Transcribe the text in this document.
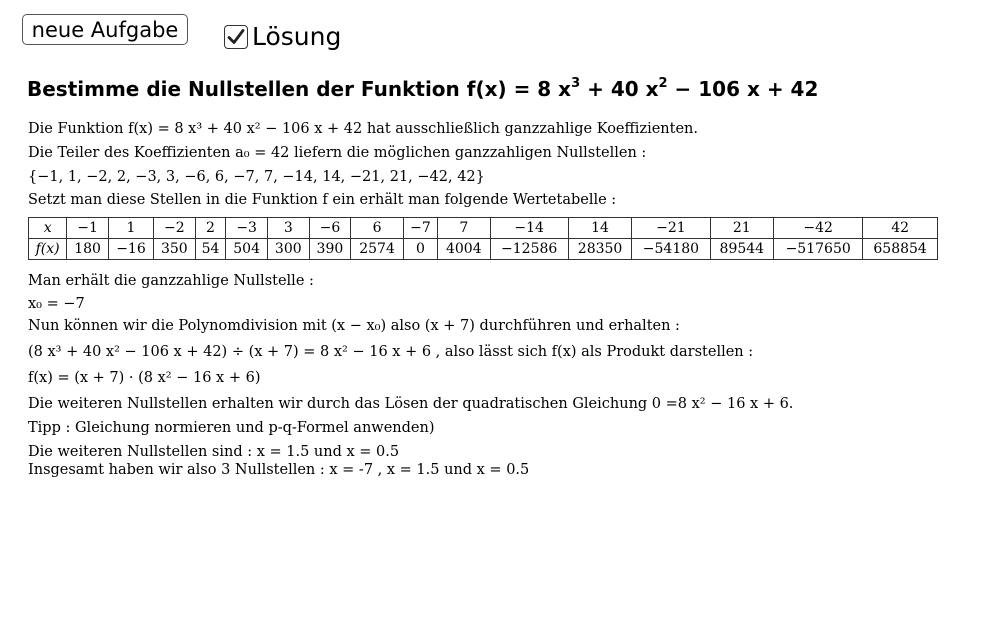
neue Aufgabe	Lösung
Bestimme die Nullstellen der Funktion f(x) = 8 $x^3 + 40$ $x^2 - 106$ x + 42
Die Funktion f(x) = 8 x³ + 40 x² − 106 x + 42 hat ausschließlich ganzzahlige Koeffizienten.
Die Teiler des Koeffizienten a₀ = 42 liefern die möglichen ganzzahligen Nullstellen :
{−1, 1, −2, 2, −3, 3, −6, 6, −7, 7, −14, 14, −21, 21, −42, 42}
Setzt man diese Stellen in die Funktion f ein erhält man folgende Wertetabelle :
x	−1	1	−2	2	−3	3	−6	6	−7	7	−14	14	−21	21	−42	42
f(x)	180	−16	350	54	504	300	390	2574	0	4004	−12586	28350	−54180	89544	−517650	658854
Man erhält die ganzzahlige Nullstelle :
x₀ = −7
Nun können wir die Polynomdivision mit (x − x₀) also (x + 7) durchführen und erhalten :
(8 x³ + 40 x² − 106 x + 42) ÷ (x + 7) = 8 x² − 16 x + 6 , also lässt sich f(x) als Produkt darstellen :
f(x) = (x + 7) · (8 x² − 16 x + 6)
Die weiteren Nullstellen erhalten wir durch das Lösen der quadratischen Gleichung 0 =8 x² − 16 x + 6.
Tipp : Gleichung normieren und p-q-Formel anwenden)
Die weiteren Nullstellen sind : x = 1.5 und x = 0.5
Insgesamt haben wir also 3 Nullstellen : x = -7 , x = 1.5 und x = 0.5
